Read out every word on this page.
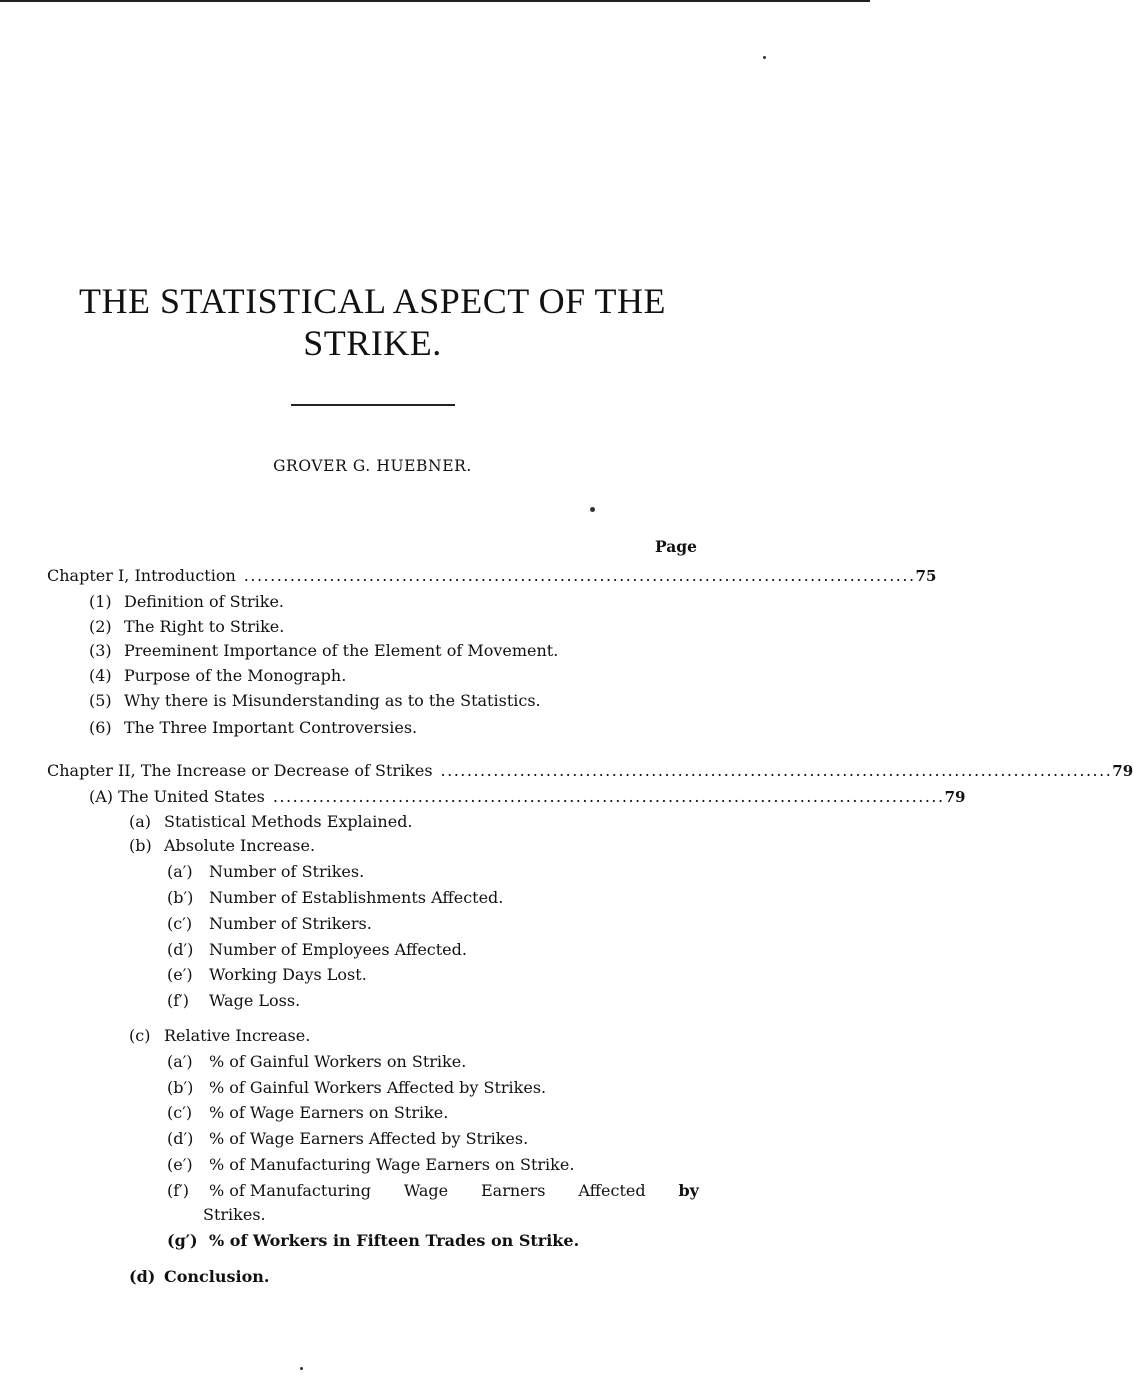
THE STATISTICAL ASPECT OF THE
STRIKE.
GROVER G. HUEBNER.
Page
Chapter I, Introduction ...................................................................................................... 75
(1) Definition of Strike.
(2) The Right to Strike.
(3) Preeminent Importance of the Element of Movement.
(4) Purpose of the Monograph.
(5) Why there is Misunderstanding as to the Statistics.
(6) The Three Important Controversies.
Chapter II, The Increase or Decrease of Strikes ...................................................................................................... 79
(A) The United States ...................................................................................................... 79
(a) Statistical Methods Explained.
(b) Absolute Increase.
(a′) Number of Strikes.
(b′) Number of Establishments Affected.
(c′) Number of Strikers.
(d′) Number of Employees Affected.
(e′) Working Days Lost.
(f′) Wage Loss.
(c) Relative Increase.
(a′) % of Gainful Workers on Strike.
(b′) % of Gainful Workers Affected by Strikes.
(c′) % of Wage Earners on Strike.
(d′) % of Wage Earners Affected by Strikes.
(e′) % of Manufacturing Wage Earners on Strike.
(f′) % of Manufacturing Wage Earners Affected by
Strikes.
(g′) % of Workers in Fifteen Trades on Strike.
(d) Conclusion.
